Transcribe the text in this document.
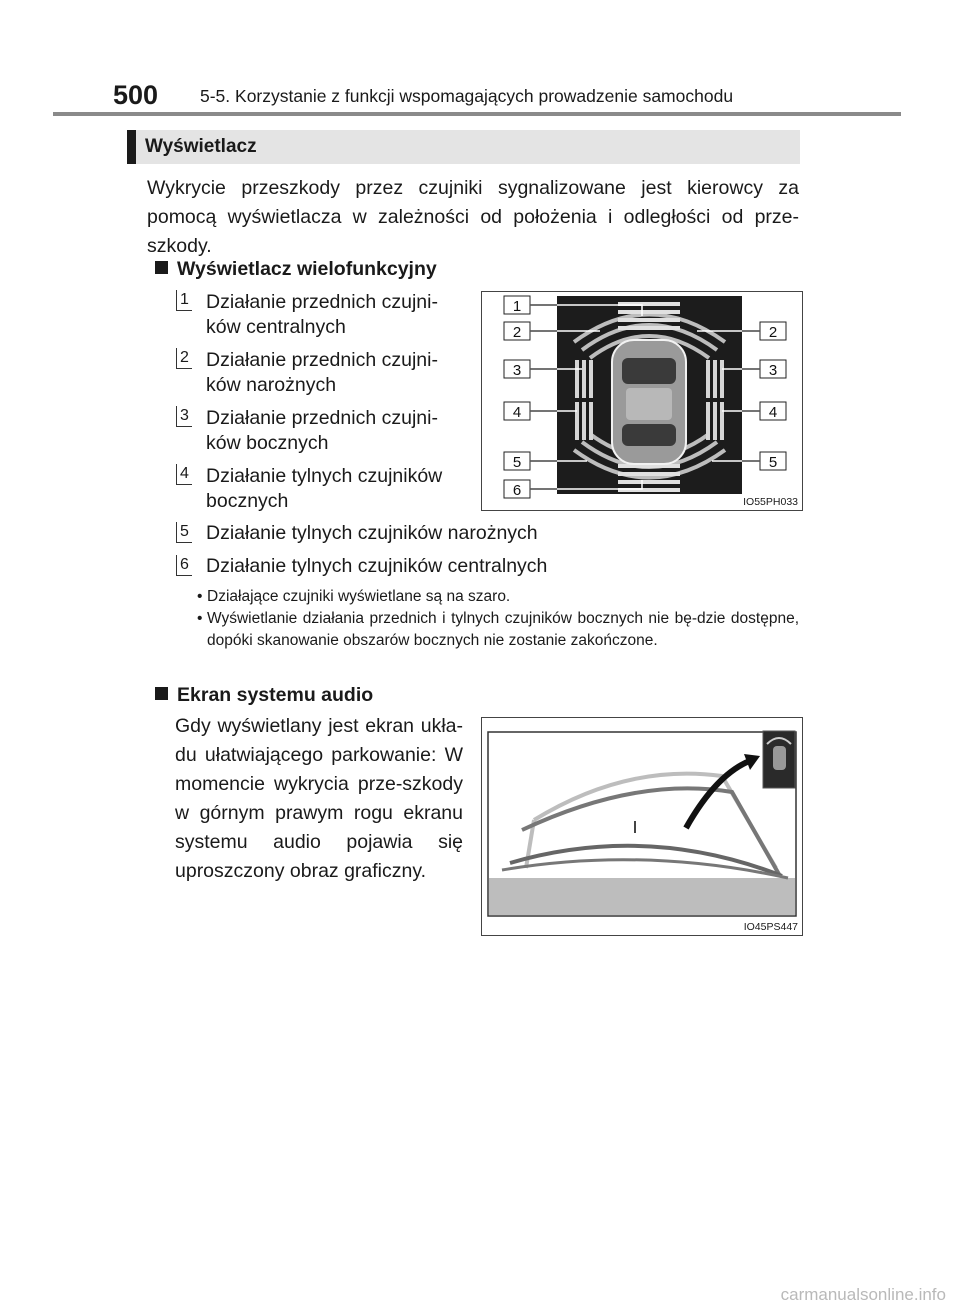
500 5-5. Korzystanie z funkcji wspomagających prowadzenie samochodu
Wyświetlacz
Wykrycie przeszkody przez czujniki sygnalizowane jest kierowcy za pomocą wyświetlacza w zależności od położenia i odległości od prze-szkody.
Wyświetlacz wielofunkcyjny
1 Działanie przednich czujni-
ków centralnych
2 Działanie przednich czujni-
ków narożnych
3 Działanie przednich czujni-
ków bocznych
4 Działanie tylnych czujników
bocznych
5 Działanie tylnych czujników narożnych
6 Działanie tylnych czujników centralnych
• Działające czujniki wyświetlane są na szaro.
• Wyświetlanie działania przednich i tylnych czujników bocznych nie bę-dzie dostępne, dopóki skanowanie obszarów bocznych nie zostanie zakończone.
1
2
3
4
5
6
2
3
4
5
IO55PH033
Ekran systemu audio
Gdy wyświetlany jest ekran ukła-du ułatwiającego parkowanie: W momencie wykrycia prze-szkody w górnym prawym rogu ekranu systemu audio pojawia się uproszczony obraz graficzny.
IO45PS447
carmanualsonline.info
